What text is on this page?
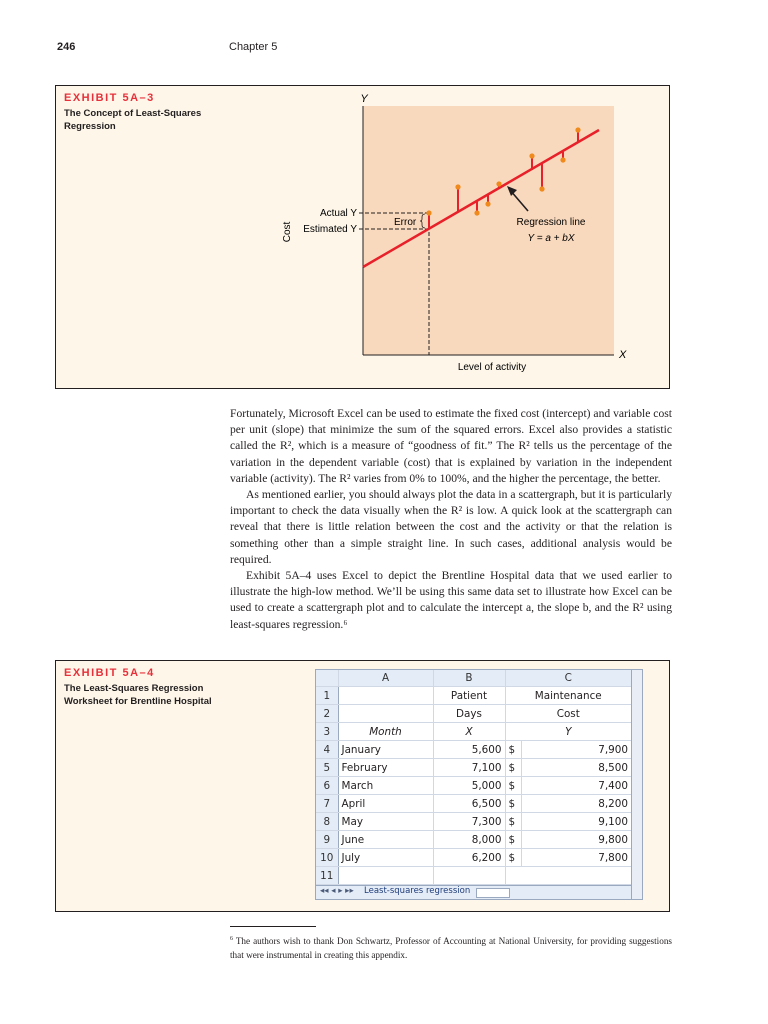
246	Chapter 5
EXHIBIT 5A–3
The Concept of Least-Squares Regression
Y
X
Cost
Actual Y
Estimated Y
Error	Regression line
Y = a + bX
Level of activity

Fortunately, Microsoft Excel can be used to estimate the fixed cost (intercept) and variable cost per unit (slope) that minimize the sum of the squared errors. Excel also provides a statistic called the R², which is a measure of “goodness of fit.” The R² tells us the percentage of the variation in the dependent variable (cost) that is explained by variation in the independent variable (activity). The R² varies from 0% to 100%, and the higher the percentage, the better.

As mentioned earlier, you should always plot the data in a scattergraph, but it is particularly important to check the data visually when the R² is low. A quick look at the scattergraph can reveal that there is little relation between the cost and the activity or that the relation is something other than a simple straight line. In such cases, additional analysis would be required.

Exhibit 5A–4 uses Excel to depict the Brentline Hospital data that we used earlier to illustrate the high-low method. We’ll be using this same data set to illustrate how Excel can be used to create a scattergraph plot and to calculate the intercept a, the slope b, and the R² using least-squares regression.⁶

EXHIBIT 5A–4
The Least-Squares Regression Worksheet for Brentline Hospital
	A	B	C	
1		Patient	Maintenance	
2		Days	Cost	
3	Month	X	Y	
4	January	5,600	$	7,900
5	February	7,100	$	8,500
6	March	5,000	$	7,400
7	April	6,500	$	8,200
8	May	7,300	$	9,100
9	June	8,000	$	9,800
10	July	6,200	$	7,800
11				
◂◂ ◂ ▸ ▸▸ Least-squares regression
$^6$ The authors wish to thank Don Schwartz, Professor of Accounting at National University, for providing suggestions that were instrumental in creating this appendix.
